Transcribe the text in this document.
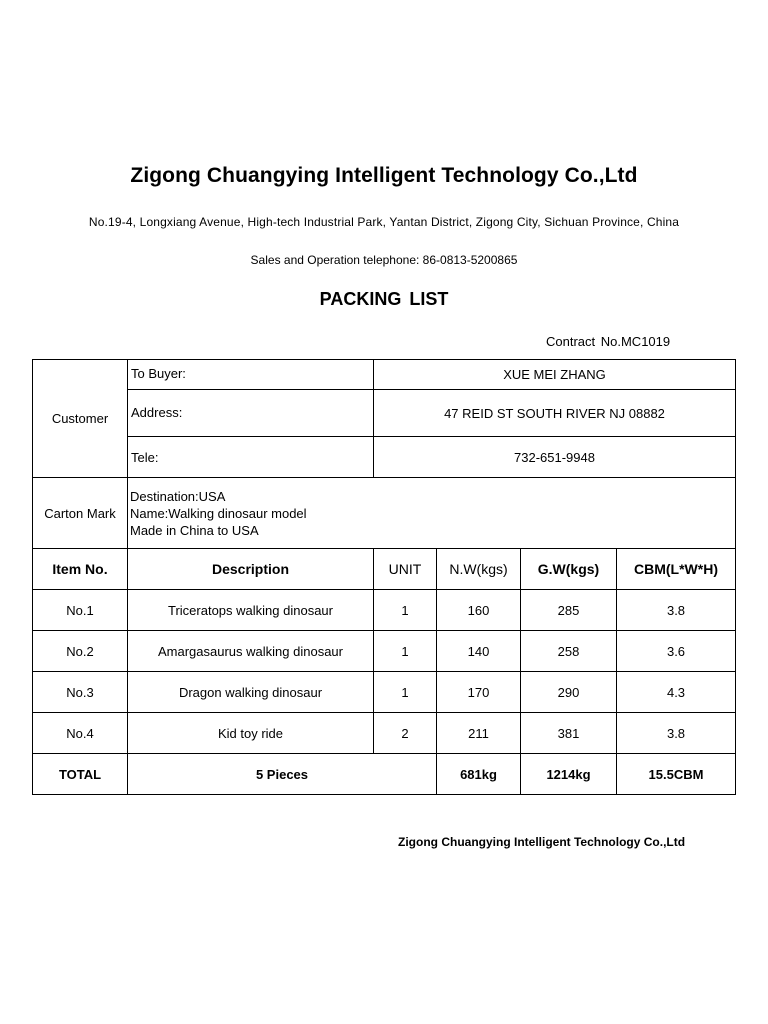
Zigong Chuangying Intelligent Technology Co.,Ltd
No.19-4, Longxiang Avenue, High-tech Industrial Park, Yantan District, Zigong City, Sichuan Province, China
Sales and Operation telephone: 86-0813-5200865
PACKING LIST
Contract No.MC1019
Customer	To Buyer:	XUE MEI ZHANG			
	Address:	47 REID ST SOUTH RIVER NJ 08882			
	Tele:	732-651-9948			
Carton Mark	Destination:USA
Name:Walking dinosaur model
Made in China to USA				

Item No.	Description	UNIT	N.W(kgs)	G.W(kgs)	CBM(L*W*H)
No.1	Triceratops walking dinosaur	1	160	285	3.8
No.2	Amargasaurus walking dinosaur	1	140	258	3.6
No.3	Dragon walking dinosaur	1	170	290	4.3
No.4	Kid toy ride	2	211	381	3.8
TOTAL	5 Pieces		681kg	1214kg	15.5CBM
Zigong Chuangying Intelligent Technology Co.,Ltd
